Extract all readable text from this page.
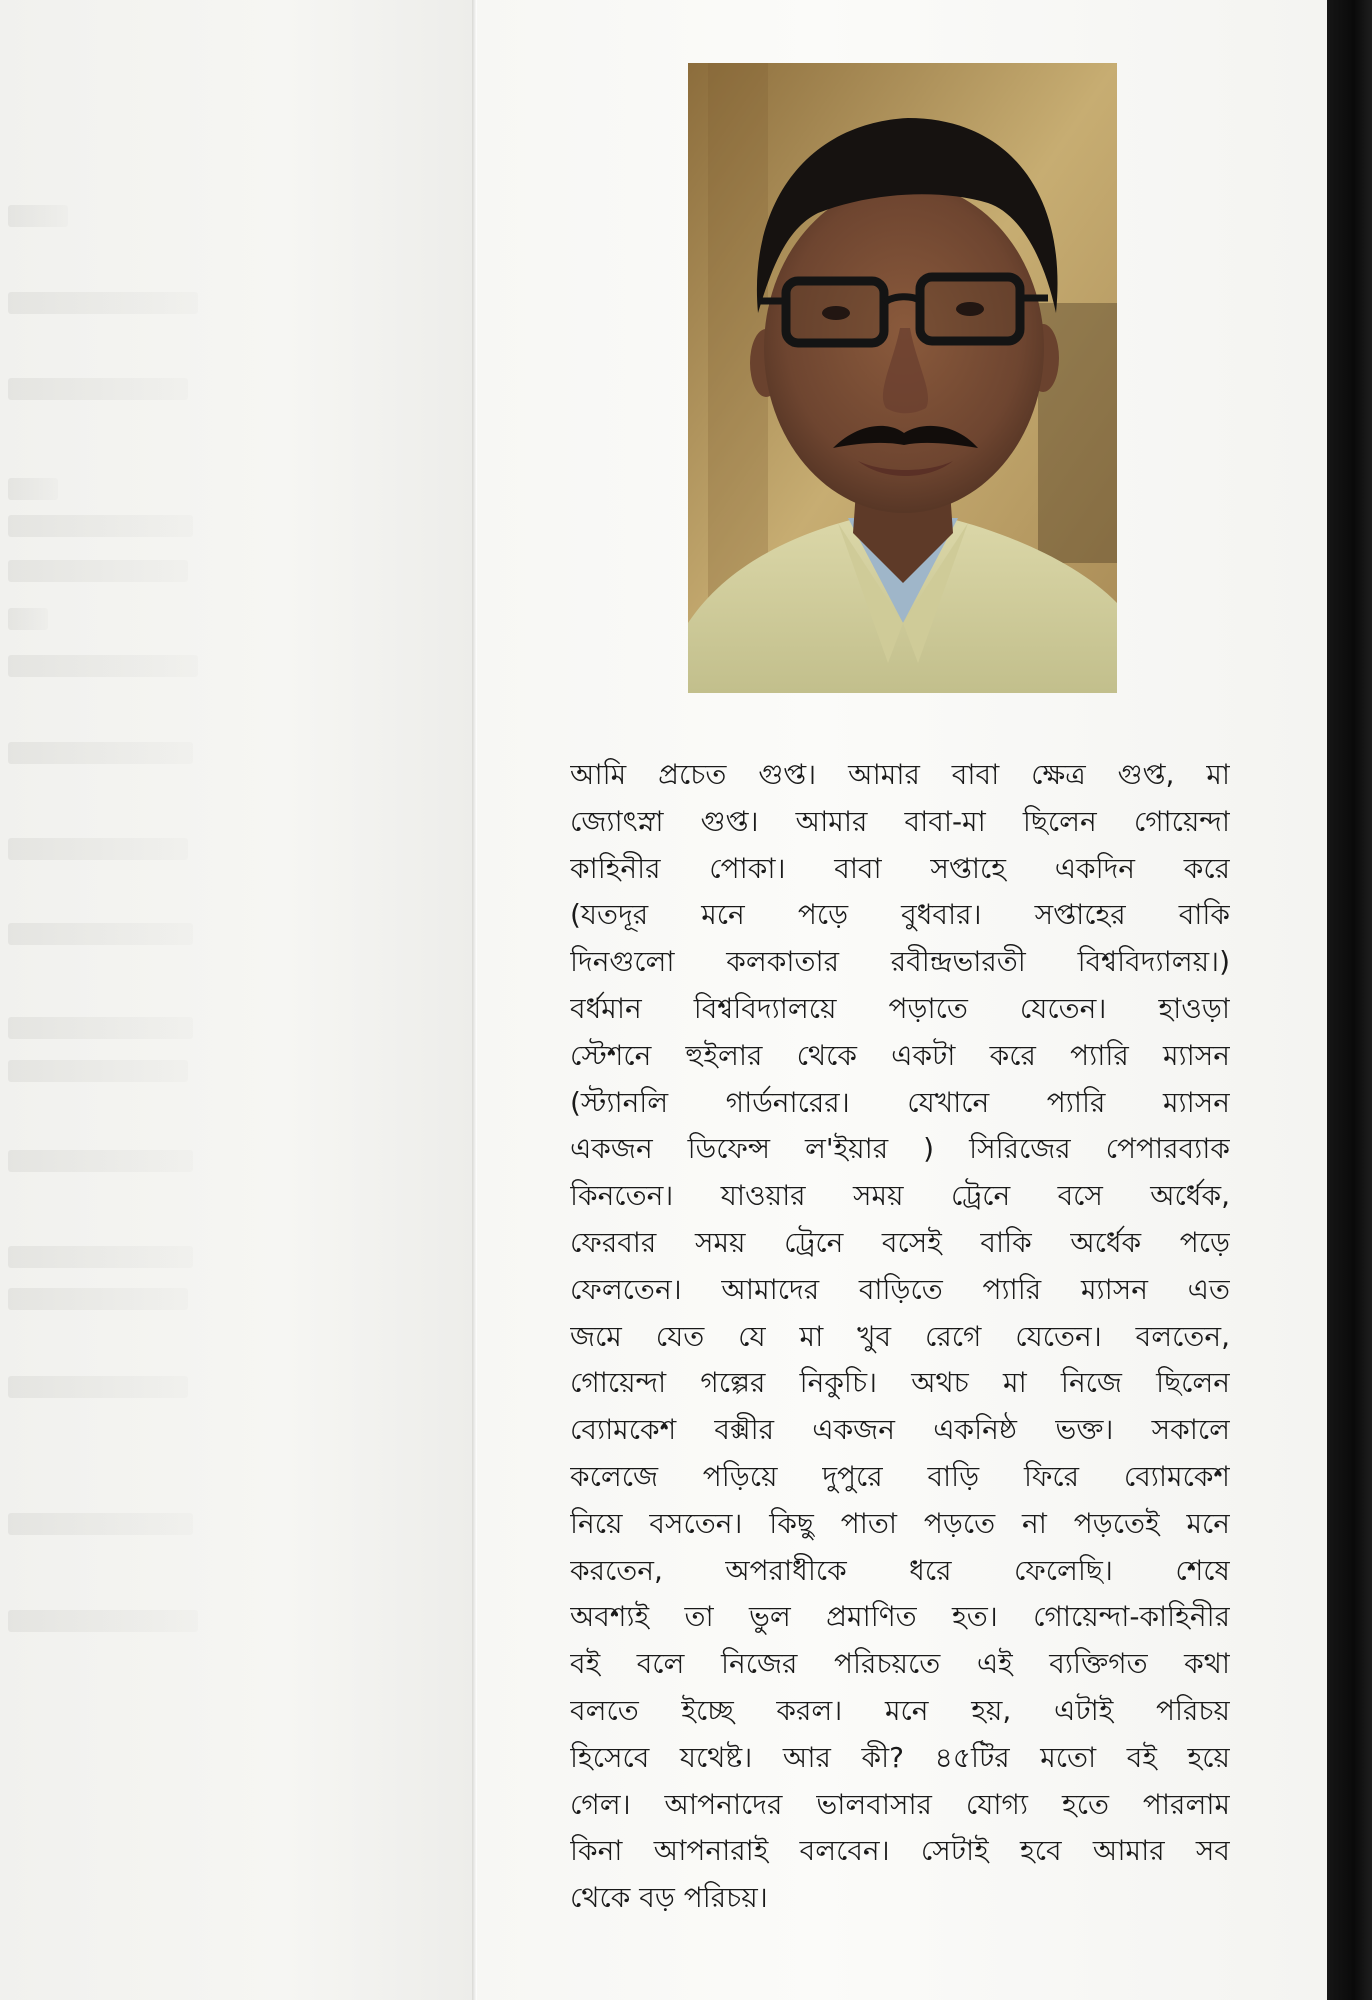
আমি প্রচেত গুপ্ত। আমার বাবা ক্ষেত্র গুপ্ত, মা
জ্যোৎস্না গুপ্ত। আমার বাবা-মা ছিলেন গোয়েন্দা
কাহিনীর পোকা। বাবা সপ্তাহে একদিন করে
(যতদূর মনে পড়ে বুধবার। সপ্তাহের বাকি
দিনগুলো কলকাতার রবীন্দ্রভারতী বিশ্ববিদ্যালয়।)
বর্ধমান বিশ্ববিদ্যালয়ে পড়াতে যেতেন। হাওড়া
স্টেশনে হুইলার থেকে একটা করে প্যারি ম্যাসন
(স্ট্যানলি গার্ডনারের। যেখানে প্যারি ম্যাসন
একজন ডিফেন্স ল'ইয়ার ) সিরিজের পেপারব্যাক
কিনতেন। যাওয়ার সময় ট্রেনে বসে অর্ধেক,
ফেরবার সময় ট্রেনে বসেই বাকি অর্ধেক পড়ে
ফেলতেন। আমাদের বাড়িতে প্যারি ম্যাসন এত
জমে যেত যে মা খুব রেগে যেতেন। বলতেন,
গোয়েন্দা গল্পের নিকুচি। অথচ মা নিজে ছিলেন
ব্যোমকেশ বক্সীর একজন একনিষ্ঠ ভক্ত। সকালে
কলেজে পড়িয়ে দুপুরে বাড়ি ফিরে ব্যোমকেশ
নিয়ে বসতেন। কিছু পাতা পড়তে না পড়তেই মনে
করতেন, অপরাধীকে ধরে ফেলেছি। শেষে
অবশ্যই তা ভুল প্রমাণিত হত। গোয়েন্দা-কাহিনীর
বই বলে নিজের পরিচয়তে এই ব্যক্তিগত কথা
বলতে ইচ্ছে করল। মনে হয়, এটাই পরিচয়
হিসেবে যথেষ্ট। আর কী? ৪৫টির মতো বই হয়ে
গেল। আপনাদের ভালবাসার যোগ্য হতে পারলাম
কিনা আপনারাই বলবেন। সেটাই হবে আমার সব
থেকে বড় পরিচয়।
